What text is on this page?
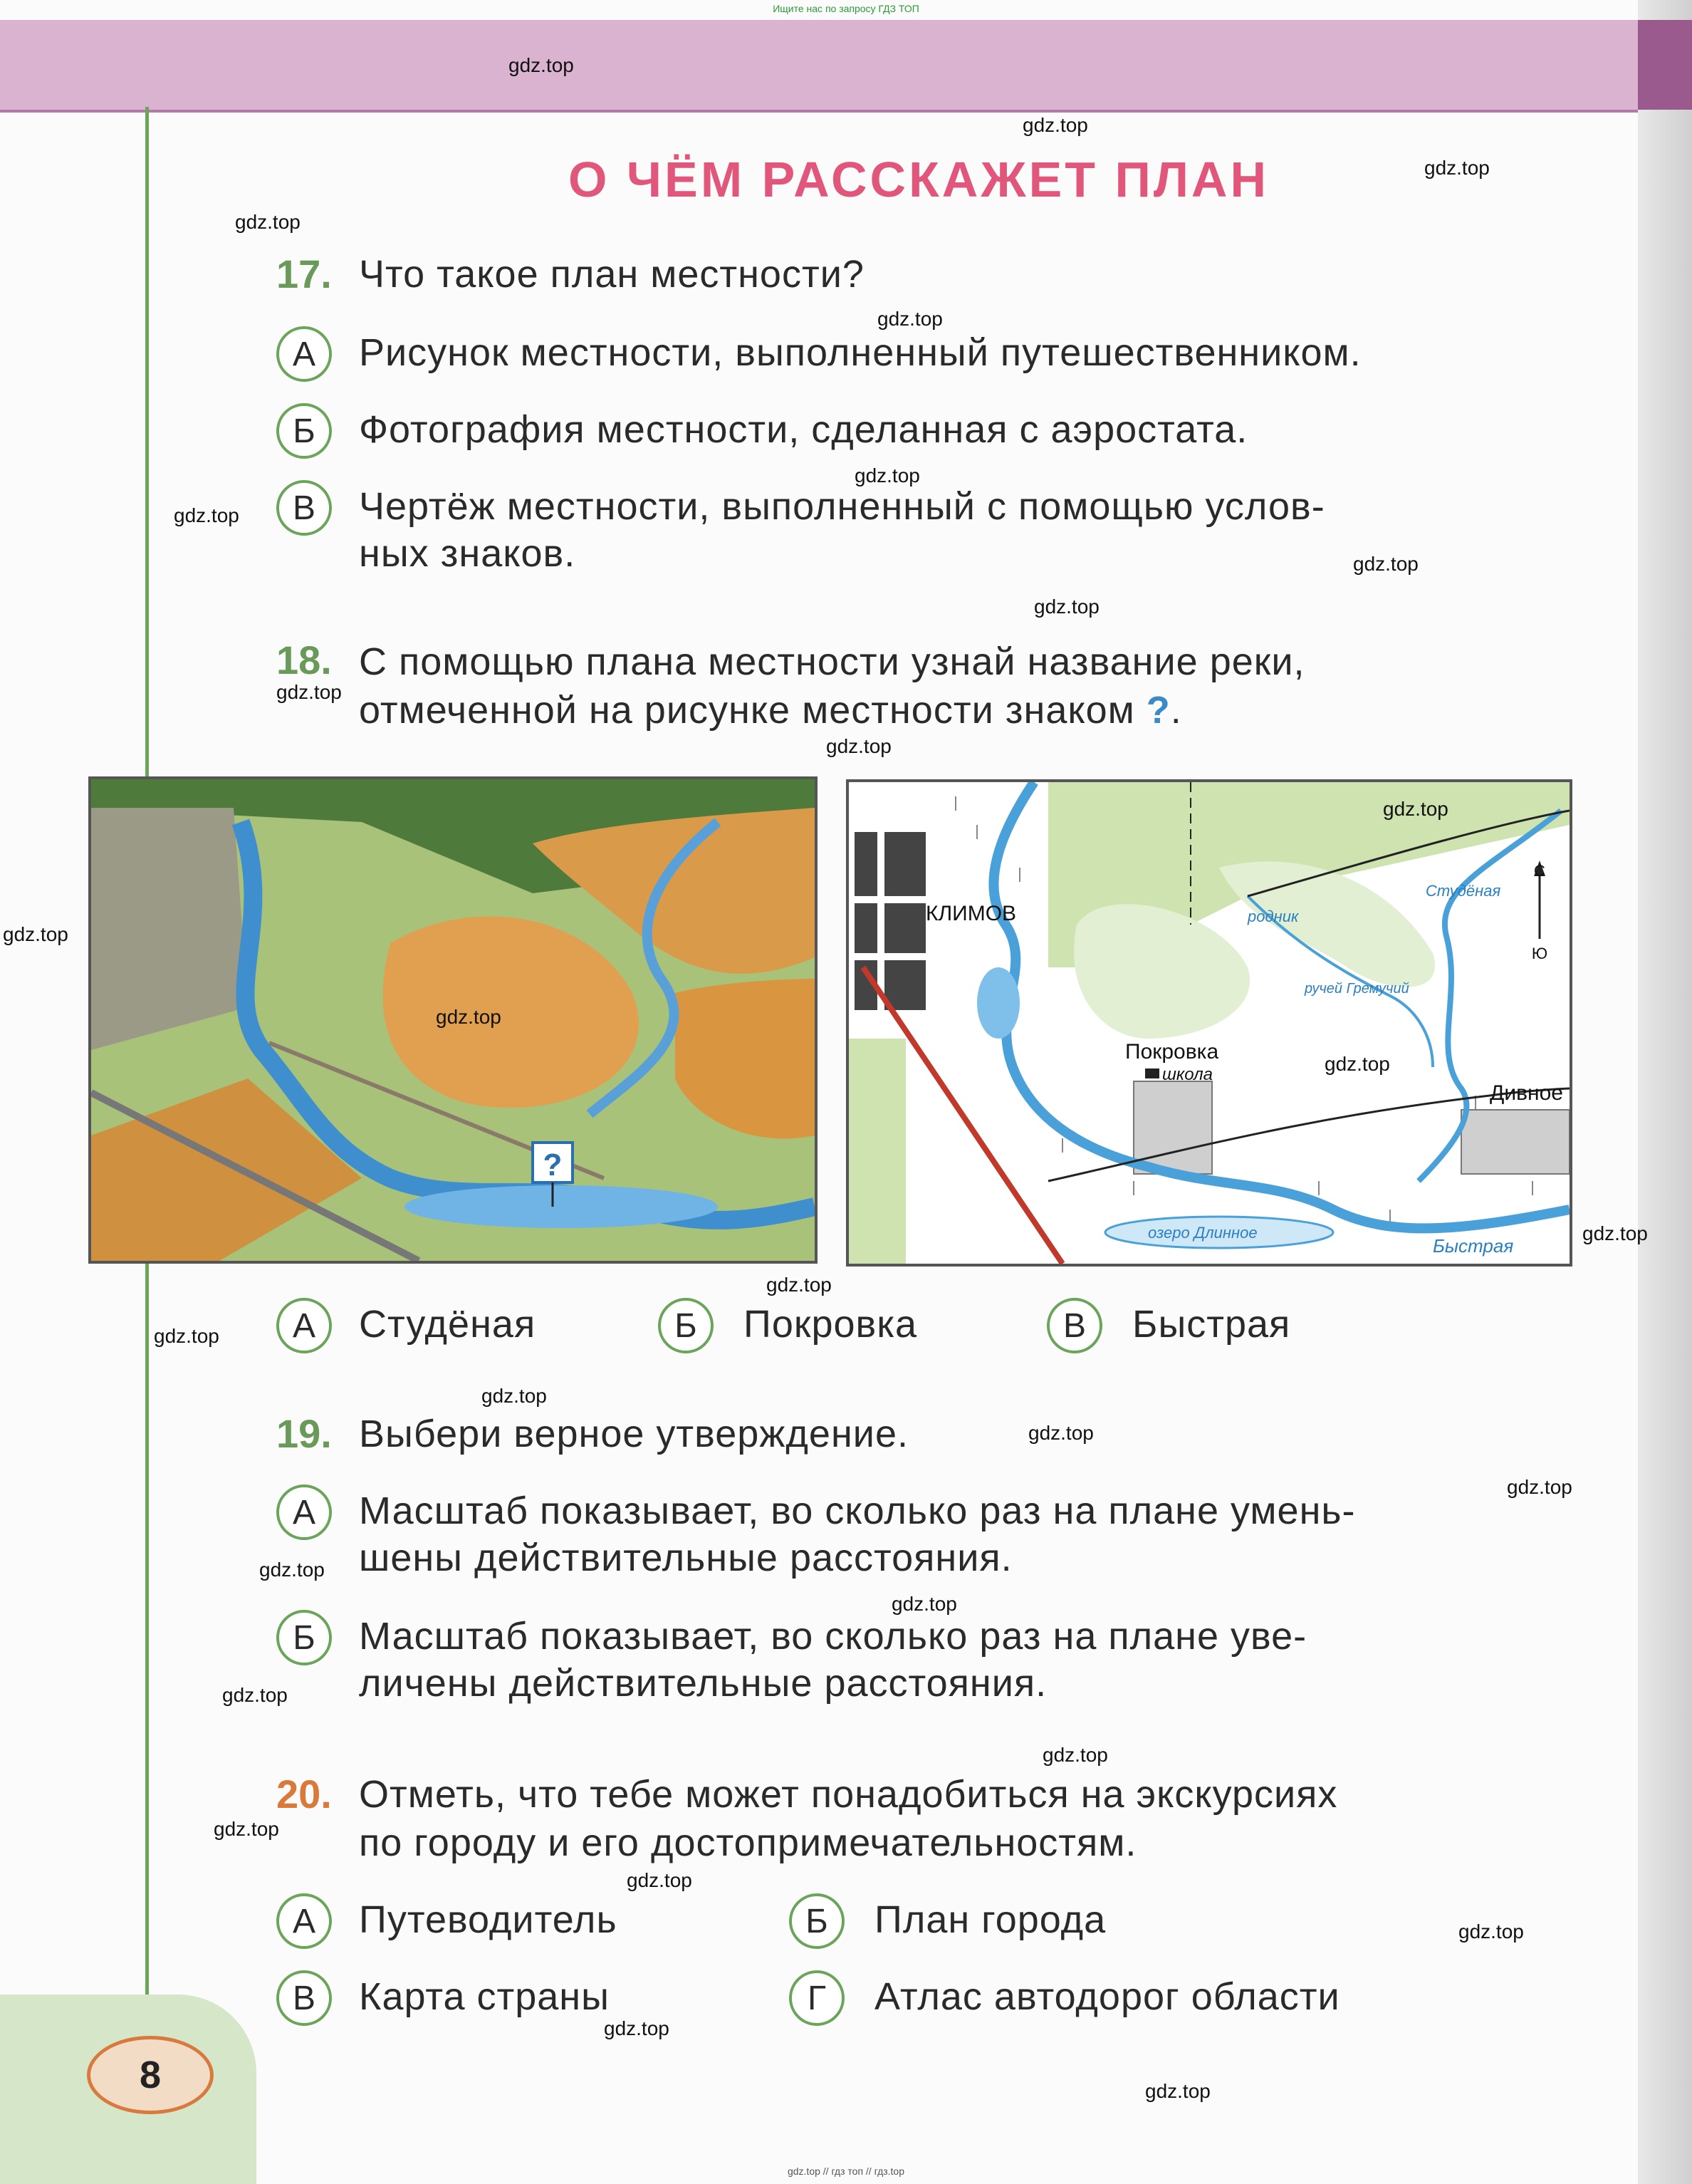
8
Ищите нас по запросу ГДЗ ТОП
gdz.top // гдз топ // гдз.top
О ЧЁМ РАССКАЖЕТ ПЛАН
17. Что такое план местности?
А	Рисунок местности, выполненный путешественником.
Б	Фотография местности, сделанная с аэростата.
В	Чертёж местности, выполненный с помощью услов-
ных знаков.
18. С помощью плана местности узнай название реки,
отмеченной на рисунке местности знаком ?.
?
КЛИМОВ
Покровка
школа
Дивное
родник
Студёная
ручей Гремучий
озеро Длинное
Быстрая
С
Ю
А	Студёная	Б	Покровка	В	Быстрая
19. Выбери верное утверждение.
А	Масштаб показывает, во сколько раз на плане умень-
шены действительные расстояния.
Б	Масштаб показывает, во сколько раз на плане уве-
личены действительные расстояния.
20. Отметь, что тебе может понадобиться на экскурсиях
по городу и его достопримечательностям.
А	Путеводитель	Б	План города
В	Карта страны	Г	Атлас автодорог области
gdz.top
gdz.top
gdz.top
gdz.top
gdz.top
gdz.top
gdz.top
gdz.top
gdz.top
gdz.top
gdz.top
gdz.top
gdz.top
gdz.top
gdz.top
gdz.top
gdz.top
gdz.top
gdz.top
gdz.top
gdz.top
gdz.top
gdz.top
gdz.top
gdz.top
gdz.top
gdz.top
gdz.top
gdz.top
gdz.top
